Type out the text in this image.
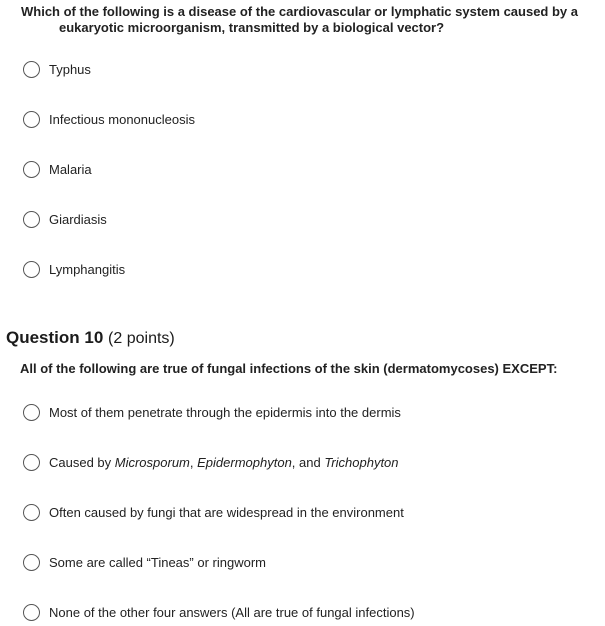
Which of the following is a disease of the cardiovascular or lymphatic system caused by a
eukaryotic microorganism, transmitted by a biological vector?
Typhus
Infectious mononucleosis
Malaria
Giardiasis
Lymphangitis
Question 10 (2 points)
All of the following are true of fungal infections of the skin (dermatomycoses) EXCEPT:
Most of them penetrate through the epidermis into the dermis
Caused by Microsporum, Epidermophyton, and Trichophyton
Often caused by fungi that are widespread in the environment
Some are called “Tineas” or ringworm
None of the other four answers (All are true of fungal infections)
